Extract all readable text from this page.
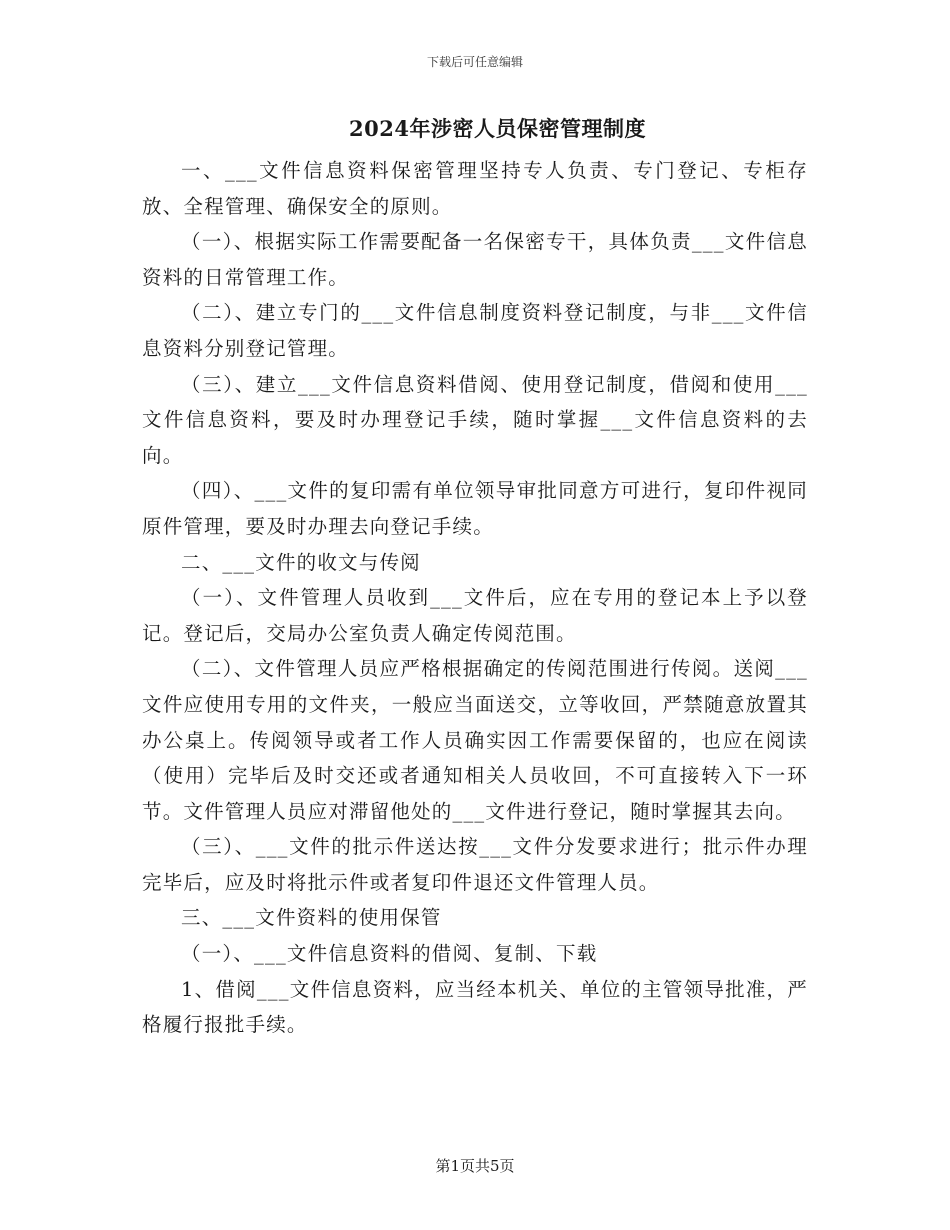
下载后可任意编辑
2024年涉密人员保密管理制度

一、___文件信息资料保密管理坚持专人负责、专门登记、专柜存放、全程管理、确保安全的原则。

（一）、根据实际工作需要配备一名保密专干，具体负责___文件信息资料的日常管理工作。

（二）、建立专门的___文件信息制度资料登记制度，与非___文件信息资料分别登记管理。

（三）、建立___文件信息资料借阅、使用登记制度，借阅和使用___文件信息资料，要及时办理登记手续，随时掌握___文件信息资料的去向。

（四）、___文件的复印需有单位领导审批同意方可进行，复印件视同原件管理，要及时办理去向登记手续。

二、___文件的收文与传阅

（一）、文件管理人员收到___文件后，应在专用的登记本上予以登记。登记后，交局办公室负责人确定传阅范围。

（二）、文件管理人员应严格根据确定的传阅范围进行传阅。送阅___文件应使用专用的文件夹，一般应当面送交，立等收回，严禁随意放置其办公桌上。传阅领导或者工作人员确实因工作需要保留的，也应在阅读（使用）完毕后及时交还或者通知相关人员收回，不可直接转入下一环节。文件管理人员应对滞留他处的___文件进行登记，随时掌握其去向。

（三）、___文件的批示件送达按___文件分发要求进行；批示件办理完毕后，应及时将批示件或者复印件退还文件管理人员。

三、___文件资料的使用保管

（一）、___文件信息资料的借阅、复制、下载

1、借阅___文件信息资料，应当经本机关、单位的主管领导批准，严格履行报批手续。

第1页共5页
